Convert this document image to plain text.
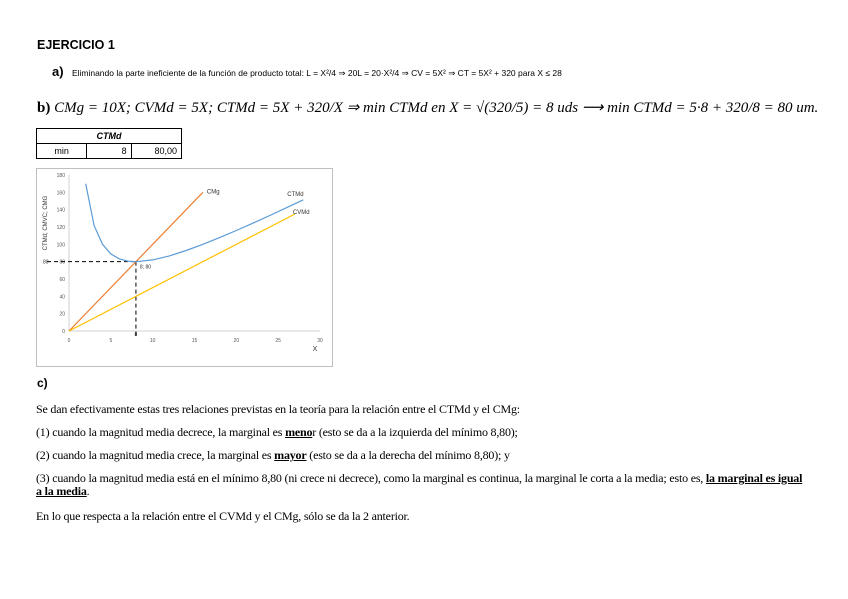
EJERCICIO 1
a) Eliminando la parte ineficiente de la función de producto total: L = X²/4 ⇒ 20L = 20·X²/4 ⇒ CV = 5X² ⇒ CT = 5X² + 320 para X ≤ 28
b) CMg = 10X; CVMd = 5X; CTMd = 5X + 320/X ⇒ min CTMd en X = √(320/5) = 8 uds ⟶ min CTMd = 5·8 + 320/8 = 80 um.
CTMd
min	8	80,00
0	5	10	15	20	25	30
0
20
40
60
80
100
120
140
160
180
X
CTMd; CMVC; CMG
80
8
8; 80
CMg	CTMd
CVMd
c)
Se dan efectivamente estas tres relaciones previstas en la teoría para la relación entre el CTMd y el CMg:
(1) cuando la magnitud media decrece, la marginal es menor (esto se da a la izquierda del mínimo 8,80);
(2) cuando la magnitud media crece, la marginal es mayor (esto se da a la derecha del mínimo 8,80); y
(3) cuando la magnitud media está en el mínimo 8,80 (ni crece ni decrece), como la marginal es continua, la marginal le corta a la media; esto es, la marginal es igual a la media.
En lo que respecta a la relación entre el CVMd y el CMg, sólo se da la 2 anterior.
